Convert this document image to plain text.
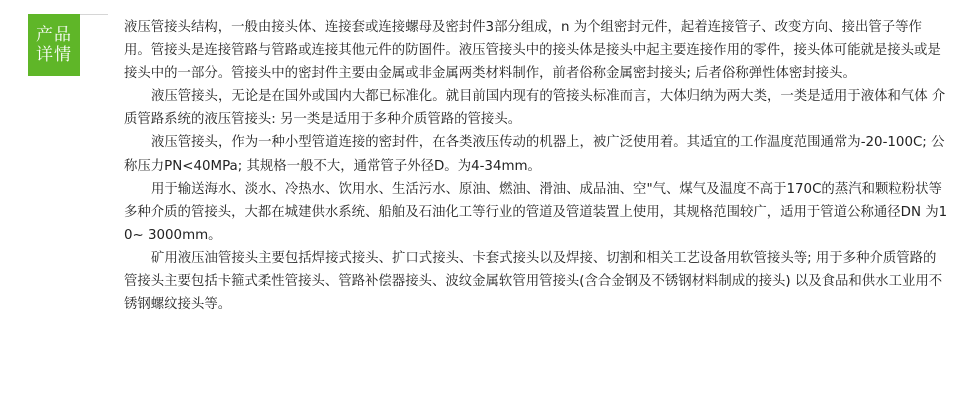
产品
详情

液压管接头结构，一般由接头体、连接套或连接螺母及密封件3部分组成，n 为个组密封元件，起着连接管子、改变方向、接出管子等作用。管接头是连接管路与管路或连接其他元件的防圄件。液压管接头中的接头体是接头中起主要连接作用的零件，接头体可能就是接头或是接头中的一部分。管接头中的密封件主要由金属或非金属两类材料制作，前者俗称金属密封接头; 后者俗称弹性体密封接头。

液压管接头，无论是在国外或国内大都已标准化。就目前国内现有的管接头标准而言，大体归纳为两大类，一类是适用于液体和气体 介质管路系统的液压管接头: 另一类是适用于多种介质管路的管接头。

液压管接头，作为一种小型管道连接的密封件，在各类液压传动的机器上，被广泛使用着。其适宜的工作温度范围通常为-20-100C; 公称压力PN<40MPa; 其规格一般不大，通常管子外径D。为4-34mm。

用于输送海水、淡水、冷热水、饮用水、生活污水、原油、燃油、滑油、成品油、空"气、煤气及温度不高于170C的蒸汽和颗粒粉状等多种介质的管接头，大都在城建供水系统、船舶及石油化工等行业的管道及管道装置上使用，其规格范围较广，适用于管道公称通径DN 为10~ 3000mm。

矿用液压油管接头主要包括焊接式接头、扩口式接头、卡套式接头以及焊接、切割和相关工艺设备用软管接头等; 用于多种介质管路的管接头主要包括卡箍式柔性管接头、管路补偿器接头、波纹金属软管用管接头(含合金钢及不锈钢材料制成的接头) 以及食品和供水工业用不锈钢螺纹接头等。
